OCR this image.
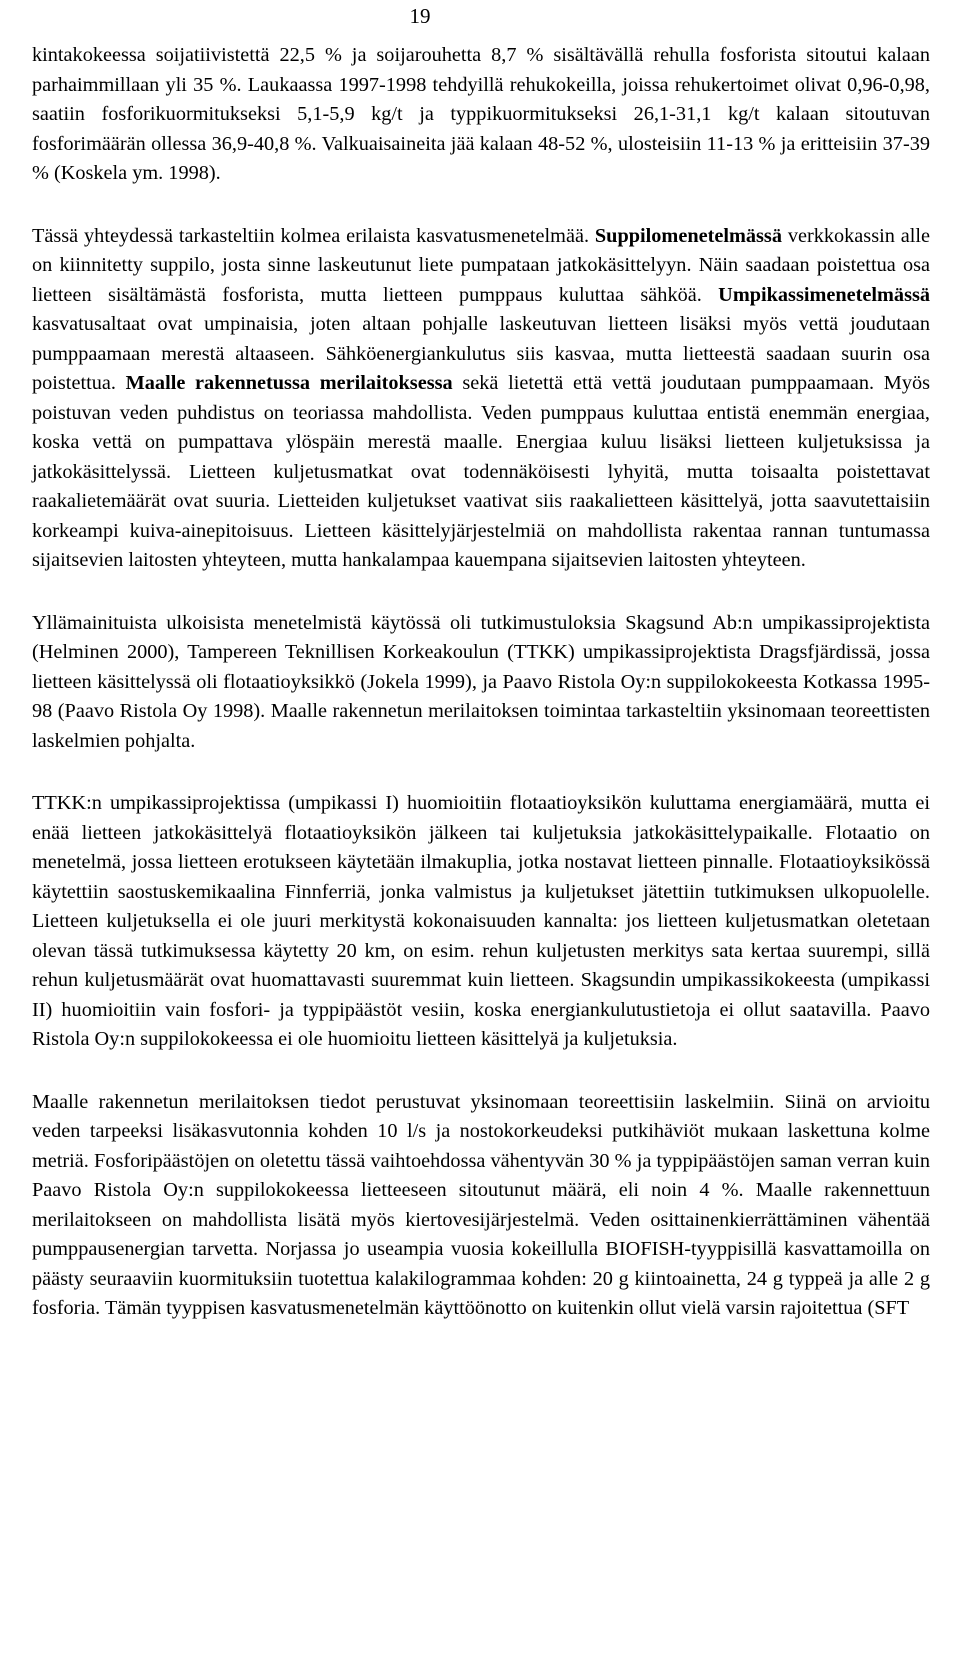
19

kintakokeessa soijatiivistettä 22,5 % ja soijarouhetta 8,7 % sisältävällä rehulla fosforista sitoutui kalaan parhaimmillaan yli 35 %. Laukaassa 1997-1998 tehdyillä rehukokeilla, joissa rehukertoimet olivat 0,96-0,98, saatiin fosforikuormitukseksi 5,1-5,9 kg/t ja typpikuormitukseksi 26,1-31,1 kg/t kalaan sitoutuvan fosforimäärän ollessa 36,9-40,8 %. Valkuaisaineita jää kalaan 48-52 %, ulosteisiin 11-13 % ja eritteisiin 37-39 % (Koskela ym. 1998).

Tässä yhteydessä tarkasteltiin kolmea erilaista kasvatusmenetelmää. Suppilomenetelmässä verkkokassin alle on kiinnitetty suppilo, josta sinne laskeutunut liete pumpataan jatkokäsittelyyn. Näin saadaan poistettua osa lietteen sisältämästä fosforista, mutta lietteen pumppaus kuluttaa sähköä. Umpikassimenetelmässä kasvatusaltaat ovat umpinaisia, joten altaan pohjalle laskeutuvan lietteen lisäksi myös vettä joudutaan pumppaamaan merestä altaaseen. Sähköenergiankulutus siis kasvaa, mutta lietteestä saadaan suurin osa poistettua. Maalle rakennetussa merilaitoksessa sekä lietettä että vettä joudutaan pumppaamaan. Myös poistuvan veden puhdistus on teoriassa mahdollista. Veden pumppaus kuluttaa entistä enemmän energiaa, koska vettä on pumpattava ylöspäin merestä maalle. Energiaa kuluu lisäksi lietteen kuljetuksissa ja jatkokäsittelyssä. Lietteen kuljetusmatkat ovat todennäköisesti lyhyitä, mutta toisaalta poistettavat raakalietemäärät ovat suuria. Lietteiden kuljetukset vaativat siis raakalietteen käsittelyä, jotta saavutettaisiin korkeampi kuiva-ainepitoisuus. Lietteen käsittelyjärjestelmiä on mahdollista rakentaa rannan tuntumassa sijaitsevien laitosten yhteyteen, mutta hankalampaa kauempana sijaitsevien laitosten yhteyteen.

Yllämainituista ulkoisista menetelmistä käytössä oli tutkimustuloksia Skagsund Ab:n umpikassiprojektista (Helminen 2000), Tampereen Teknillisen Korkeakoulun (TTKK) umpikassiprojektista Dragsfjärdissä, jossa lietteen käsittelyssä oli flotaatioyksikkö (Jokela 1999), ja Paavo Ristola Oy:n suppilokokeesta Kotkassa 1995-98 (Paavo Ristola Oy 1998). Maalle rakennetun merilaitoksen toimintaa tarkasteltiin yksinomaan teoreettisten laskelmien pohjalta.

TTKK:n umpikassiprojektissa (umpikassi I) huomioitiin flotaatioyksikön kuluttama energiamäärä, mutta ei enää lietteen jatkokäsittelyä flotaatioyksikön jälkeen tai kuljetuksia jatkokäsittelypaikalle. Flotaatio on menetelmä, jossa lietteen erotukseen käytetään ilmakuplia, jotka nostavat lietteen pinnalle. Flotaatioyksikössä käytettiin saostuskemikaalina Finnferriä, jonka valmistus ja kuljetukset jätettiin tutkimuksen ulkopuolelle. Lietteen kuljetuksella ei ole juuri merkitystä kokonaisuuden kannalta: jos lietteen kuljetusmatkan oletetaan olevan tässä tutkimuksessa käytetty 20 km, on esim. rehun kuljetusten merkitys sata kertaa suurempi, sillä rehun kuljetusmäärät ovat huomattavasti suuremmat kuin lietteen. Skagsundin umpikassikokeesta (umpikassi II) huomioitiin vain fosfori- ja typpipäästöt vesiin, koska energiankulutustietoja ei ollut saatavilla. Paavo Ristola Oy:n suppilokokeessa ei ole huomioitu lietteen käsittelyä ja kuljetuksia.

Maalle rakennetun merilaitoksen tiedot perustuvat yksinomaan teoreettisiin laskelmiin. Siinä on arvioitu veden tarpeeksi lisäkasvutonnia kohden 10 l/s ja nostokorkeudeksi putkihäviöt mukaan laskettuna kolme metriä. Fosforipäästöjen on oletettu tässä vaihtoehdossa vähentyvän 30 % ja typpipäästöjen saman verran kuin Paavo Ristola Oy:n suppilokokeessa lietteeseen sitoutunut määrä, eli noin 4 %. Maalle rakennettuun merilaitokseen on mahdollista lisätä myös kiertovesijärjestelmä. Veden osittainenkierrättäminen vähentää pumppausenergian tarvetta. Norjassa jo useampia vuosia kokeillulla BIOFISH-tyyppisillä kasvattamoilla on päästy seuraaviin kuormituksiin tuotettua kalakilogrammaa kohden: 20 g kiintoainetta, 24 g typpeä ja alle 2 g fosforia. Tämän tyyppisen kasvatusmenetelmän käyttöönotto on kuitenkin ollut vielä varsin rajoitettua (SFT
